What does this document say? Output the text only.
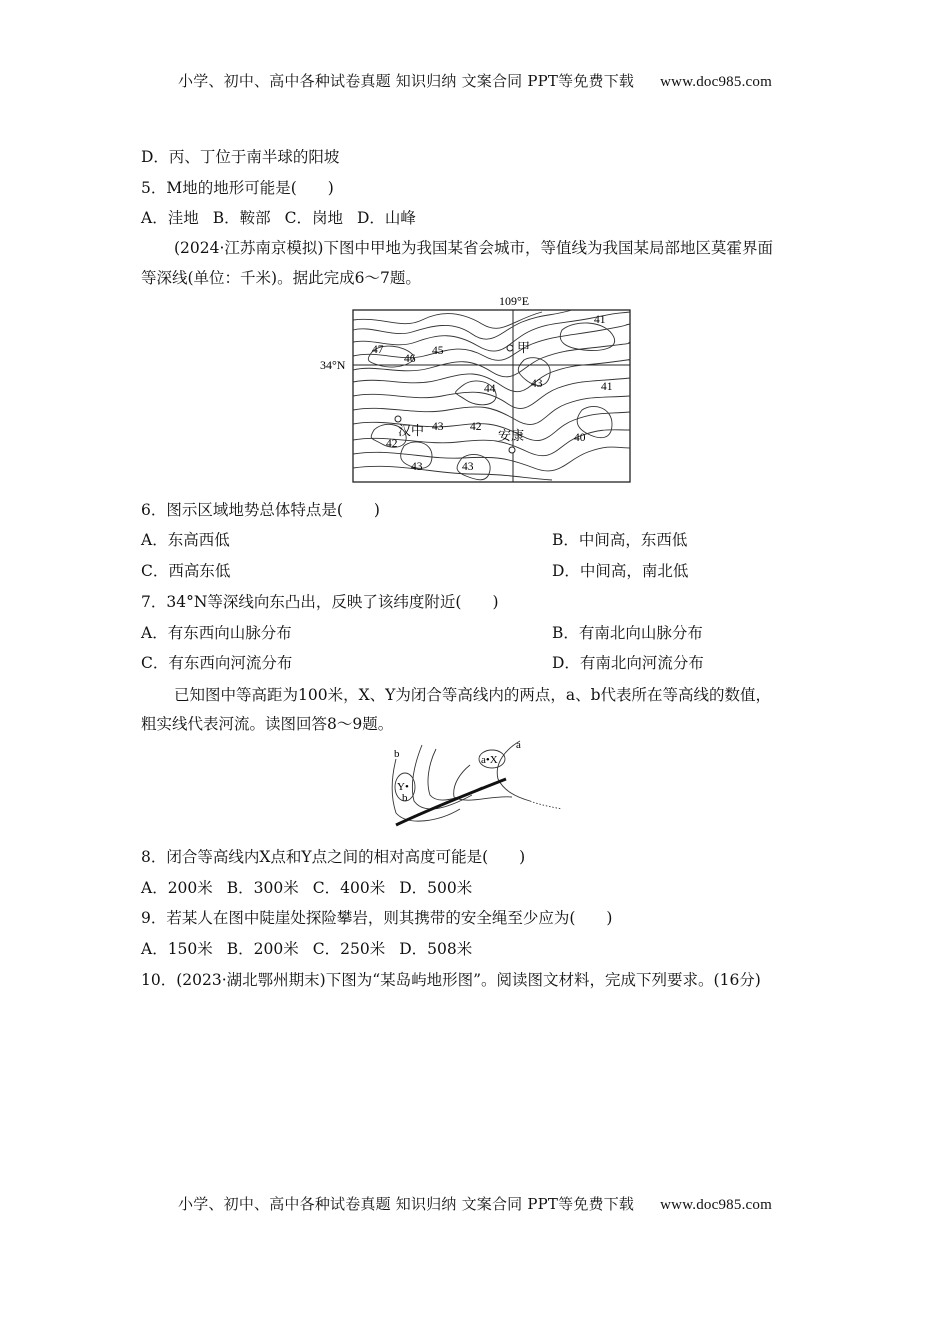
小学、初中、高中各种试卷真题 知识归纳 文案合同 PPT等免费下载 www.doc985.com
D．丙、丁位于南半球的阳坡
5．M地的地形可能是(　　)
A．洼地 B．鞍部 C．岗地 D．山峰
(2024·江苏南京模拟)下图中甲地为我国某省会城市，等值线为我国某局部地区莫霍界面
等深线(单位：千米)。据此完成6～7题。
109°E
34°N
甲
汉中	安康
41
47
46
45
44	43	41
42
43 42
43	43
40
6．图示区域地势总体特点是(　　)
A．东高西低	B．中间高，东西低
C．西高东低	D．中间高，南北低
7．34°N等深线向东凸出，反映了该纬度附近(　　)
A．有东西向山脉分布	B．有南北向山脉分布
C．有东西向河流分布	D．有南北向河流分布
已知图中等高距为100米，X、Y为闭合等高线内的两点，a、b代表所在等高线的数值，
粗实线代表河流。读图回答8～9题。
b
a
a•X
Y•
b
8．闭合等高线内X点和Y点之间的相对高度可能是(　　)
A．200米 B．300米 C．400米 D．500米
9．若某人在图中陡崖处探险攀岩，则其携带的安全绳至少应为(　　)
A．150米 B．200米 C．250米 D．508米
10．(2023·湖北鄂州期末)下图为“某岛屿地形图”。阅读图文材料，完成下列要求。(16分)
小学、初中、高中各种试卷真题 知识归纳 文案合同 PPT等免费下载 www.doc985.com
